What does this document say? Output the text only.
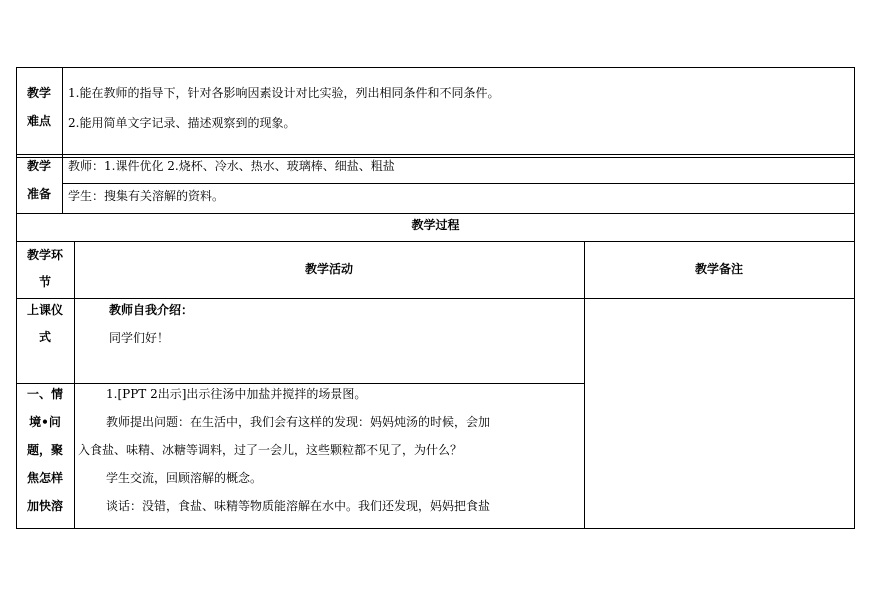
教学
难点
1.能在教师的指导下，针对各影响因素设计对比实验，列出相同条件和不同条件。
2.能用简单文字记录、描述观察到的现象。
教学
准备
教师：1.课件优化 2.烧杯、冷水、热水、玻璃棒、细盐、粗盐
学生：搜集有关溶解的资料。
教学过程
教学环
节
教学活动	教学备注
上课仪
式
教师自我介绍：
同学们好！
一、情
境•问
题，聚
焦怎样
加快溶
1.[PPT 2出示]出示往汤中加盐并搅拌的场景图。
教师提出问题：在生活中，我们会有这样的发现：妈妈炖汤的时候，会加
入食盐、味精、冰糖等调料，过了一会儿，这些颗粒都不见了，为什么？
学生交流，回顾溶解的概念。
谈话：没错，食盐、味精等物质能溶解在水中。我们还发现，妈妈把食盐
